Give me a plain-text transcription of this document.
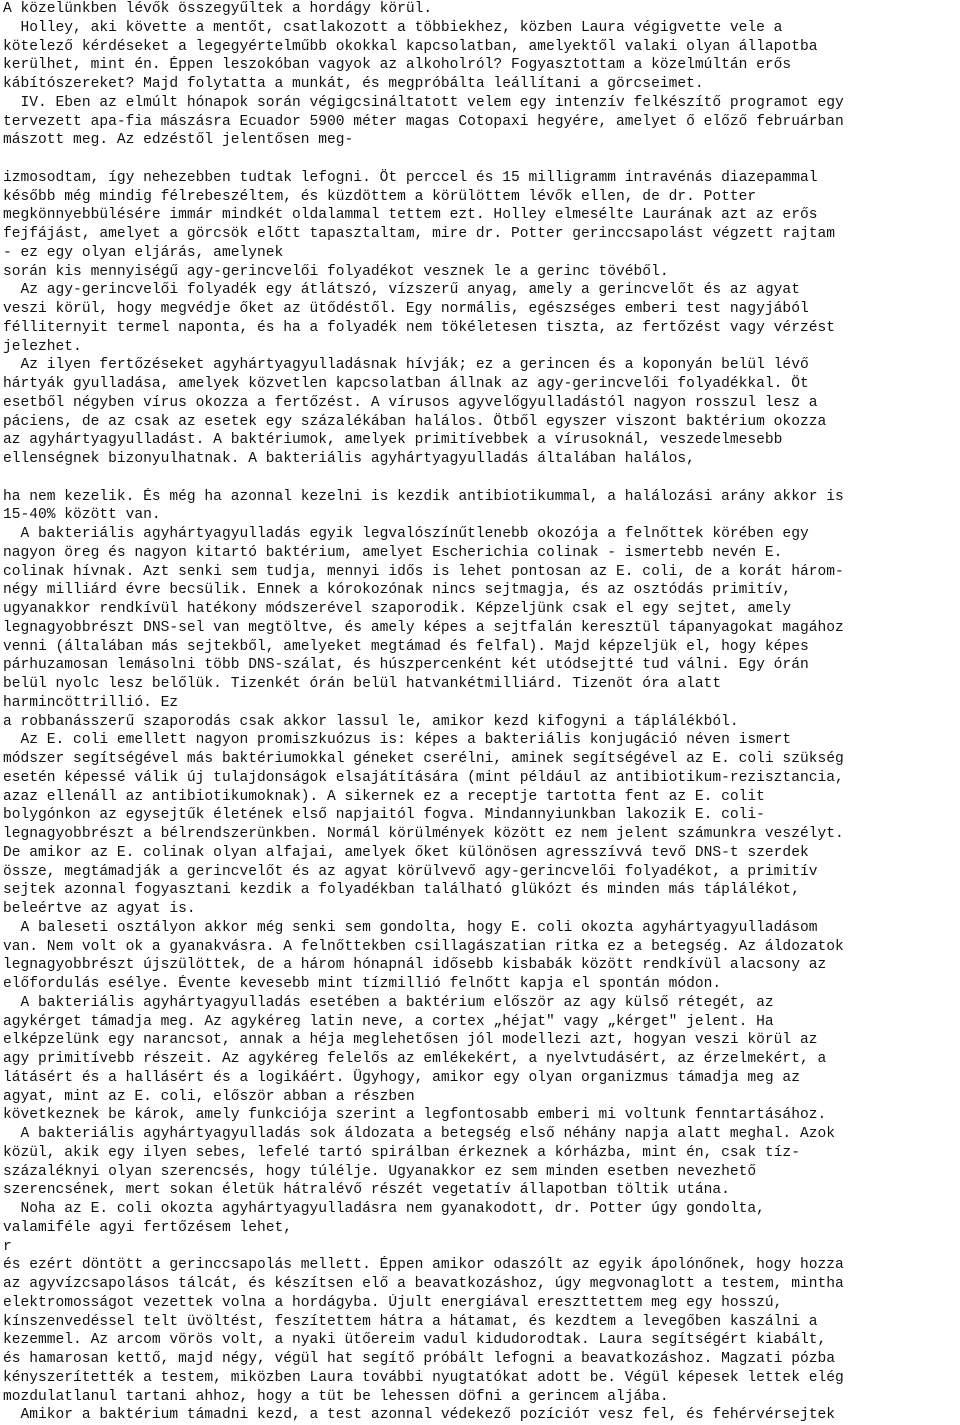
A közelünkben lévők összegyűltek a hordágy körül.
Holley, aki követte a mentőt, csatlakozott a többiekhez, közben Laura végigvette vele a
kötelező kérdéseket a legegyértelműbb okokkal kapcsolatban, amelyektől valaki olyan állapotba
kerülhet, mint én. Éppen leszokóban vagyok az alkoholról? Fogyasztottam a közelmúltán erős
kábítószereket? Majd folytatta a munkát, és megpróbálta leállítani a görcseimet.
IV. Eben az elmúlt hónapok során végigcsináltatott velem egy intenzív felkészítő programot egy
tervezett apa-fia mászásra Ecuador 5900 méter magas Cotopaxi hegyére, amelyet ő előző februárban
mászott meg. Az edzéstől jelentősen meg-
izmosodtam, így nehezebben tudtak lefogni. Öt perccel és 15 milligramm intravénás diazepammal
később még mindig félrebeszéltem, és küzdöttem a körülöttem lévők ellen, de dr. Potter
megkönnyebbülésére immár mindkét oldalammal tettem ezt. Holley elmesélte Laurának azt az erős
fejfájást, amelyet a görcsök előtt tapasztaltam, mire dr. Potter gerinccsapolást végzett rajtam
- ez egy olyan eljárás, amelynek
során kis mennyiségű agy-gerincvelői folyadékot vesznek le a gerinc tövéből.
Az agy-gerincvelői folyadék egy átlátszó, vízszerű anyag, amely a gerincvelőt és az agyat
veszi körül, hogy megvédje őket az ütődéstől. Egy normális, egészséges emberi test nagyjából
félliternyit termel naponta, és ha a folyadék nem tökéletesen tiszta, az fertőzést vagy vérzést
jelezhet.
Az ilyen fertőzéseket agyhártyagyulladásnak hívják; ez a gerincen és a koponyán belül lévő
hártyák gyulladása, amelyek közvetlen kapcsolatban állnak az agy-gerincvelői folyadékkal. Öt
esetből négyben vírus okozza a fertőzést. A vírusos agyvelőgyulladástól nagyon rosszul lesz a
páciens, de az csak az esetek egy százalékában halálos. Ötből egyszer viszont baktérium okozza
az agyhártyagyulladást. A baktériumok, amelyek primitívebbek a vírusoknál, veszedelmesebb
ellenségnek bizonyulhatnak. A bakteriális agyhártyagyulladás általában halálos,
ha nem kezelik. És még ha azonnal kezelni is kezdik antibiotikummal, a halálozási arány akkor is
15-40% között van.
A bakteriális agyhártyagyulladás egyik legvalószínűtlenebb okozója a felnőttek körében egy
nagyon öreg és nagyon kitartó baktérium, amelyet Escherichia colinak - ismertebb nevén E.
colinak hívnak. Azt senki sem tudja, mennyi idős is lehet pontosan az E. coli, de a korát három-
négy milliárd évre becsülik. Ennek a kórokozónak nincs sejtmagja, és az osztódás primitív,
ugyanakkor rendkívül hatékony módszerével szaporodik. Képzeljünk csak el egy sejtet, amely
legnagyobbrészt DNS-sel van megtöltve, és amely képes a sejtfalán keresztül tápanyagokat magához
venni (általában más sejtekből, amelyeket megtámad és felfal). Majd képzeljük el, hogy képes
párhuzamosan lemásolni több DNS-szálat, és húszpercenként két utódsejtté tud válni. Egy órán
belül nyolc lesz belőlük. Tizenkét órán belül hatvankétmilliárd. Tizenöt óra alatt
harmincöttrillió. Ez
a robbanásszerű szaporodás csak akkor lassul le, amikor kezd kifogyni a táplálékból.
Az E. coli emellett nagyon promiszkuózus is: képes a bakteriális konjugáció néven ismert
módszer segítségével más baktériumokkal géneket cserélni, aminek segítségével az E. coli szükség
esetén képessé válik új tulajdonságok elsajátítására (mint például az antibiotikum-rezisztancia,
azaz ellenáll az antibiotikumoknak). A sikernek ez a receptje tartotta fent az E. colit
bolygónkon az egysejtűk életének első napjaitól fogva. Mindannyiunkban lakozik E. coli-
legnagyobbrészt a bélrendszerünkben. Normál körülmények között ez nem jelent számunkra veszélyt.
De amikor az E. colinak olyan alfajai, amelyek őket különösen agresszívvá tevő DNS-t szerdek
össze, megtámadják a gerincvelőt és az agyat körülvevő agy-gerincvelői folyadékot, a primitív
sejtek azonnal fogyasztani kezdik a folyadékban található glükózt és minden más táplálékot,
beleértve az agyat is.
A baleseti osztályon akkor még senki sem gondolta, hogy E. coli okozta agyhártyagyulladásom
van. Nem volt ok a gyanakvásra. A felnőttekben csillagászatian ritka ez a betegség. Az áldozatok
legnagyobbrészt újszülöttek, de a három hónapnál idősebb kisbabák között rendkívül alacsony az
előfordulás esélye. Évente kevesebb mint tízmillió felnőtt kapja el spontán módon.
A bakteriális agyhártyagyulladás esetében a baktérium először az agy külső rétegét, az
agykérget támadja meg. Az agykéreg latin neve, a cortex „héjat" vagy „kérget" jelent. Ha
elképzelünk egy narancsot, annak a héja meglehetősen jól modellezi azt, hogyan veszi körül az
agy primitívebb részeit. Az agykéreg felelős az emlékekért, a nyelvtudásért, az érzelmekért, a
látásért és a hallásért és a logikáért. Ügyhogy, amikor egy olyan organizmus támadja meg az
agyat, mint az E. coli, először abban a részben
következnek be károk, amely funkciója szerint a legfontosabb emberi mi voltunk fenntartásához.
A bakteriális agyhártyagyulladás sok áldozata a betegség első néhány napja alatt meghal. Azok
közül, akik egy ilyen sebes, lefelé tartó spirálban érkeznek a kórházba, mint én, csak tíz-
százaléknyi olyan szerencsés, hogy túlélje. Ugyanakkor ez sem minden esetben nevezhető
szerencsének, mert sokan életük hátralévő részét vegetatív állapotban töltik utána.
Noha az E. coli okozta agyhártyagyulladásra nem gyanakodott, dr. Potter úgy gondolta,
valamiféle agyi fertőzésem lehet,
r
és ezért döntött a gerinccsapolás mellett. Éppen amikor odaszólt az egyik ápolónőnek, hogy hozza
az agyvízcsapolásos tálcát, és készítsen elő a beavatkozáshoz, úgy megvonaglott a testem, mintha
elektromosságot vezettek volna a hordágyba. Újult energiával ereszttettem meg egy hosszú,
kínszenvedéssel telt üvöltést, feszítettem hátra a hátamat, és kezdtem a levegőben kaszálni a
kezemmel. Az arcom vörös volt, a nyaki ütőereim vadul kidudorodtak. Laura segítségért kiabált,
és hamarosan kettő, majd négy, végül hat segítő próbált lefogni a beavatkozáshoz. Magzati pózba
kényszerítették a testem, miközben Laura további nyugtatókat adott be. Végül képesek lettek elég
mozdulatlanul tartani ahhoz, hogy a tüt be lehessen döfni a gerincem aljába.
Amikor a baktérium támadni kezd, a test azonnal védekező pozícióт vesz fel, és fehérvérsejtek
